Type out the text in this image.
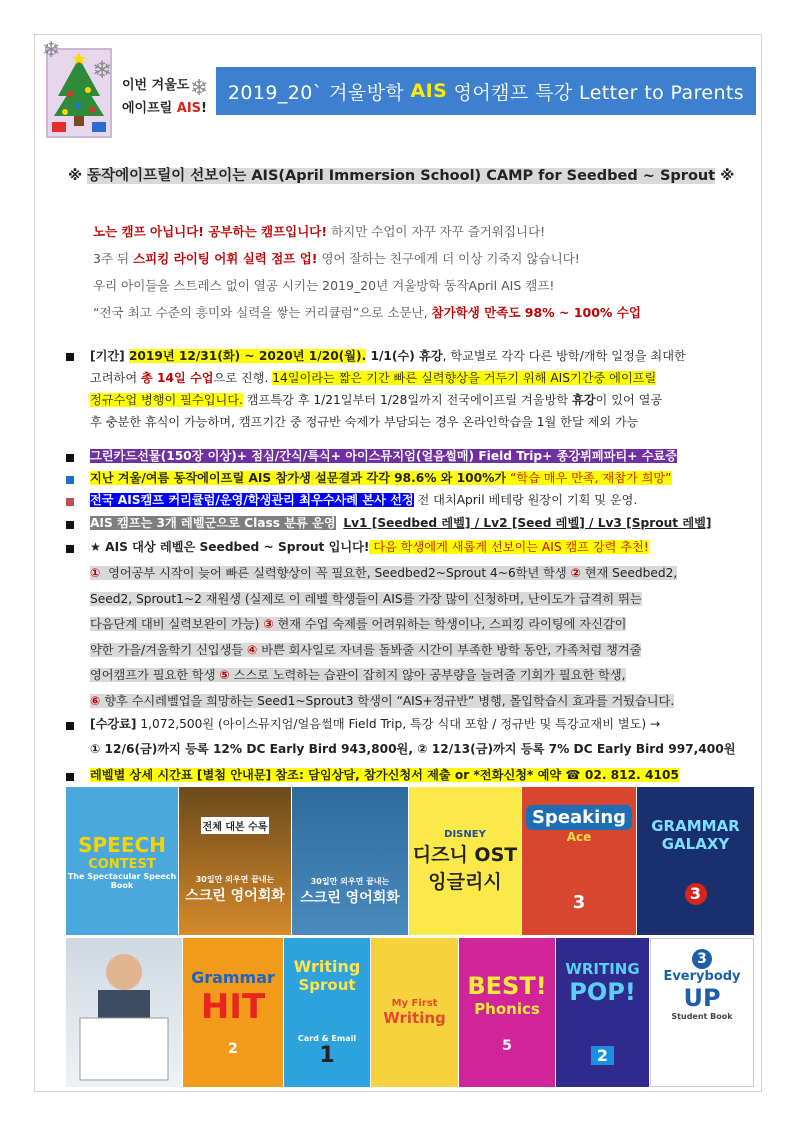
❄
❄
❄
이번 겨울도
에이프릴 AIS!
2019_20` 겨울방학 AIS 영어캠프 특강 Letter to Parents
※ 동작에이프릴이 선보이는 AIS(April Immersion School) CAMP for Seedbed ~ Sprout ※
노는 캠프 아닙니다! 공부하는 캠프입니다! 하지만 수업이 자꾸 자꾸 즐거워집니다!
3주 뒤 스피킹 라이팅 어휘 실력 점프 업! 영어 잘하는 친구에게 더 이상 기죽지 않습니다!
우리 아이들을 스트레스 없이 열공 시키는 2019_20년 겨울방학 동작April AIS 캠프!
“전국 최고 수준의 흥미와 실력을 쌓는 커리큘럼”으로 소문난, 참가학생 만족도 98% ~ 100% 수업
[기간] 2019년 12/31(화) ~ 2020년 1/20(월). 1/1(수) 휴강, 학교별로 각각 다른 방학/개학 일정을 최대한
고려하여 총 14일 수업으로 진행. 14일이라는 짧은 기간 빠른 실력향상을 거두기 위해 AIS기간중 에이프릴
정규수업 병행이 필수입니다. 캠프특강 후 1/21일부터 1/28일까지 전국에이프릴 겨울방학 휴강이 있어 열공
후 충분한 휴식이 가능하며, 캠프기간 중 정규반 숙제가 부담되는 경우 온라인학습을 1월 한달 제외 가능
그린카드선물(150장 이상)+ 점심/간식/특식+ 아이스뮤지엄(얼음썰매) Field Trip+ 종강뷔페파티+ 수료증
지난 겨울/여름 동작에이프릴 AIS 참가생 설문결과 각각 98.6% 와 100%가 “학습 매우 만족, 재참가 희망”
전국 AIS캠프 커리큘럼/운영/학생관리 최우수사례 본사 선정 전 대치April 베테랑 원장이 기획 및 운영.
AIS 캠프는 3개 레벨군으로 Class 분류 운영 Lv1 [Seedbed 레벨] / Lv2 [Seed 레벨] / Lv3 [Sprout 레벨]
★ AIS 대상 레벨은 Seedbed ~ Sprout 입니다! 다음 학생에게 새롭게 선보이는 AIS 캠프 강력 추천!
① 영어공부 시작이 늦어 빠른 실력향상이 꼭 필요한, Seedbed2~Sprout 4~6학년 학생 ② 현재 Seedbed2,
Seed2, Sprout1~2 재원생 (실제로 이 레벨 학생들이 AIS를 가장 많이 신청하며, 난이도가 급격히 뛰는
다음단계 대비 실력보완이 가능) ③ 현재 수업 숙제를 어려워하는 학생이나, 스피킹 라이팅에 자신감이
약한 가을/겨울학기 신입생들 ④ 바쁜 회사일로 자녀를 돌봐줄 시간이 부족한 방학 동안, 가족처럼 챙겨줄
영어캠프가 필요한 학생 ⑤ 스스로 노력하는 습관이 잡히지 않아 공부량을 늘려줄 기회가 필요한 학생,
⑥ 향후 수시레벨업을 희망하는 Seed1~Sprout3 학생이 “AIS+정규반” 병행, 몰입학습시 효과를 거뒀습니다.
[수강료] 1,072,500원 (아이스뮤지엄/얼음썰매 Field Trip, 특강 식대 포함 / 정규반 및 특강교재비 별도) →
① 12/6(금)까지 등록 12% DC Early Bird 943,800원, ② 12/13(금)까지 등록 7% DC Early Bird 997,400원
레벨별 상세 시간표 [별첨 안내문] 참조: 담임상담, 참가신청서 제출 or *전화신청* 예약 ☎ 02. 812. 4105
SPEECH
CONTEST
The Spectacular Speech Book
전체 대본 수록
30일만 외우면 끝내는
스크린 영어회화
30일만 외우면 끝내는
스크린 영어회화
DISNEY
디즈니 OST
잉글리시
Speaking
Ace
3
GRAMMAR
GALAXY
3
Grammar
HIT
2
Writing
Sprout
Card & Email
1
My First
Writing
BEST!
Phonics
5
WRITING
POP!
2
3
Everybody
UP
Student Book
